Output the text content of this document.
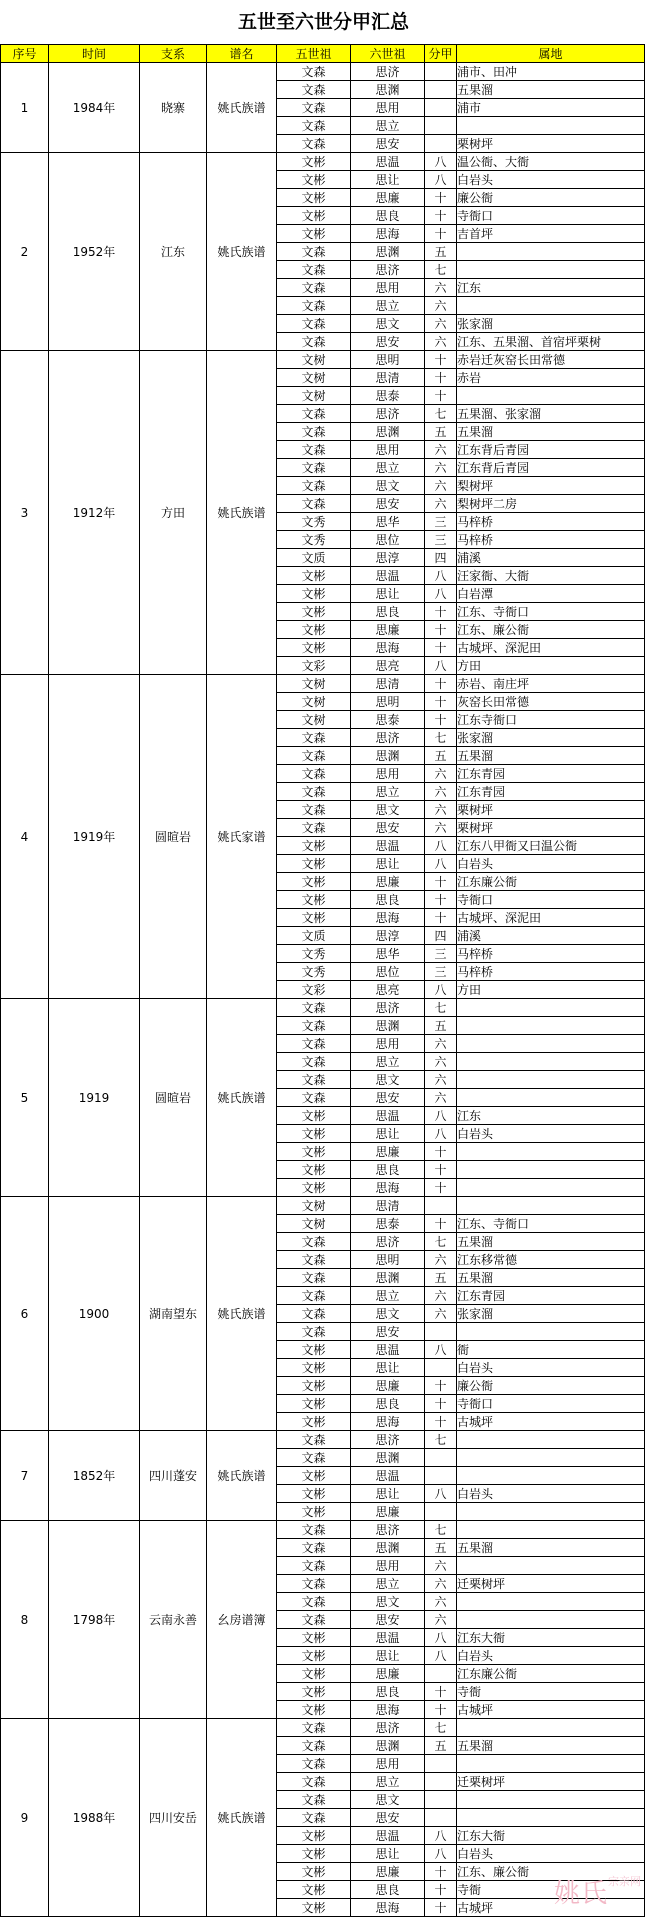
五世至六世分甲汇总
序号	时间	支系	谱名	五世祖	六世祖	分甲	属地
1	1984年	晓寨	姚氏族谱	文森	思济		浦市、田冲
				文森	思渊		五果溜
				文森	思用		浦市
				文森	思立		
				文森	思安		栗树坪
2	1952年	江东	姚氏族谱	文彬	思温	八	温公衙、大衙
				文彬	思让	八	白岩头
				文彬	思廉	十	廉公衙
				文彬	思良	十	寺衙口
				文彬	思海	十	吉首坪
				文森	思渊	五	
				文森	思济	七	
				文森	思用	六	江东
				文森	思立	六	
				文森	思文	六	张家溜
				文森	思安	六	江东、五果溜、首宿坪栗树
3	1912年	方田	姚氏族谱	文树	思明	十	赤岩迁灰窑长田常德
				文树	思清	十	赤岩
				文树	思泰	十	
				文森	思济	七	五果溜、张家溜
				文森	思渊	五	五果溜
				文森	思用	六	江东背后青园
				文森	思立	六	江东背后青园
				文森	思文	六	梨树坪
				文森	思安	六	梨树坪二房
				文秀	思华	三	马梓桥
				文秀	思位	三	马梓桥
				文质	思淳	四	浦溪
				文彬	思温	八	汪家衙、大衙
				文彬	思让	八	白岩潭
				文彬	思良	十	江东、寺衙口
				文彬	思廉	十	江东、廉公衙
				文彬	思海	十	古城坪、深泥田
				文彩	思亮	八	方田
4	1919年	圆暄岩	姚氏家谱	文树	思清	十	赤岩、南庄坪
				文树	思明	十	灰窑长田常德
				文树	思泰	十	江东寺衙口
				文森	思济	七	张家溜
				文森	思渊	五	五果溜
				文森	思用	六	江东青园
				文森	思立	六	江东青园
				文森	思文	六	栗树坪
				文森	思安	六	栗树坪
				文彬	思温	八	江东八甲衙又曰温公衙
				文彬	思让	八	白岩头
				文彬	思廉	十	江东廉公衙
				文彬	思良	十	寺衙口
				文彬	思海	十	古城坪、深泥田
				文质	思淳	四	浦溪
				文秀	思华	三	马梓桥
				文秀	思位	三	马梓桥
				文彩	思亮	八	方田
5	1919	圆暄岩	姚氏族谱	文森	思济	七	
				文森	思渊	五	
				文森	思用	六	
				文森	思立	六	
				文森	思文	六	
				文森	思安	六	
				文彬	思温	八	江东
				文彬	思让	八	白岩头
				文彬	思廉	十	
				文彬	思良	十	
				文彬	思海	十	
6	1900	湖南望东	姚氏族谱	文树	思清		
				文树	思泰	十	江东、寺衙口
				文森	思济	七	五果溜
				文森	思明	六	江东移常德
				文森	思渊	五	五果溜
				文森	思立	六	江东青园
				文森	思文	六	张家溜
				文森	思安		
				文彬	思温	八	衙
				文彬	思让		白岩头
				文彬	思廉	十	廉公衙
				文彬	思良	十	寺衙口
				文彬	思海	十	古城坪
7	1852年	四川蓬安	姚氏族谱	文森	思济	七	
				文森	思渊		
				文彬	思温		
				文彬	思让	八	白岩头
				文彬	思廉		
8	1798年	云南永善	幺房谱簿	文森	思济	七	
				文森	思渊	五	五果溜
				文森	思用	六	
				文森	思立	六	迁栗树坪
				文森	思文	六	
				文森	思安	六	
				文彬	思温	八	江东大衙
				文彬	思让	八	白岩头
				文彬	思廉		江东廉公衙
				文彬	思良	十	寺衙
				文彬	思海	十	古城坪
9	1988年	四川安岳	姚氏族谱	文森	思济	七	
				文森	思渊	五	五果溜
				文森	思用		
				文森	思立		迁栗树坪
				文森	思文		
				文森	思安		
				文彬	思温	八	江东大衙
				文彬	思让	八	白岩头
				文彬	思廉	十	江东、廉公衙
				文彬	思良	十	寺衙
				文彬	思海	十	古城坪 姚氏$^{宗亲网}$
